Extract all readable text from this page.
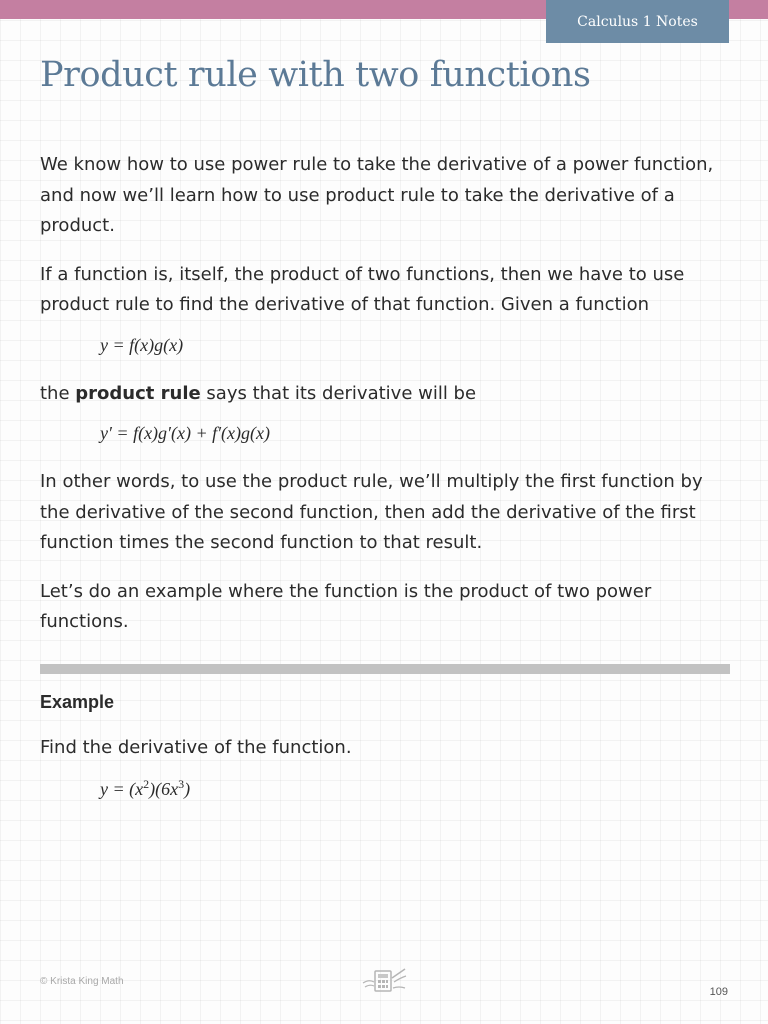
Calculus 1 Notes
Product rule with two functions

We know how to use power rule to take the derivative of a power function, and now we’ll learn how to use product rule to take the derivative of a product.

If a function is, itself, the product of two functions, then we have to use product rule to find the derivative of that function. Given a function

y = f(x)g(x)

the product rule says that its derivative will be

y′ = f(x)g′(x) + f′(x)g(x)

In other words, to use the product rule, we’ll multiply the first function by the derivative of the second function, then add the derivative of the first function times the second function to that result.

Let’s do an example where the function is the product of two power functions.

Example

Find the derivative of the function.

$y = (x^2)(6x^3)$
© Krista King Math
109
